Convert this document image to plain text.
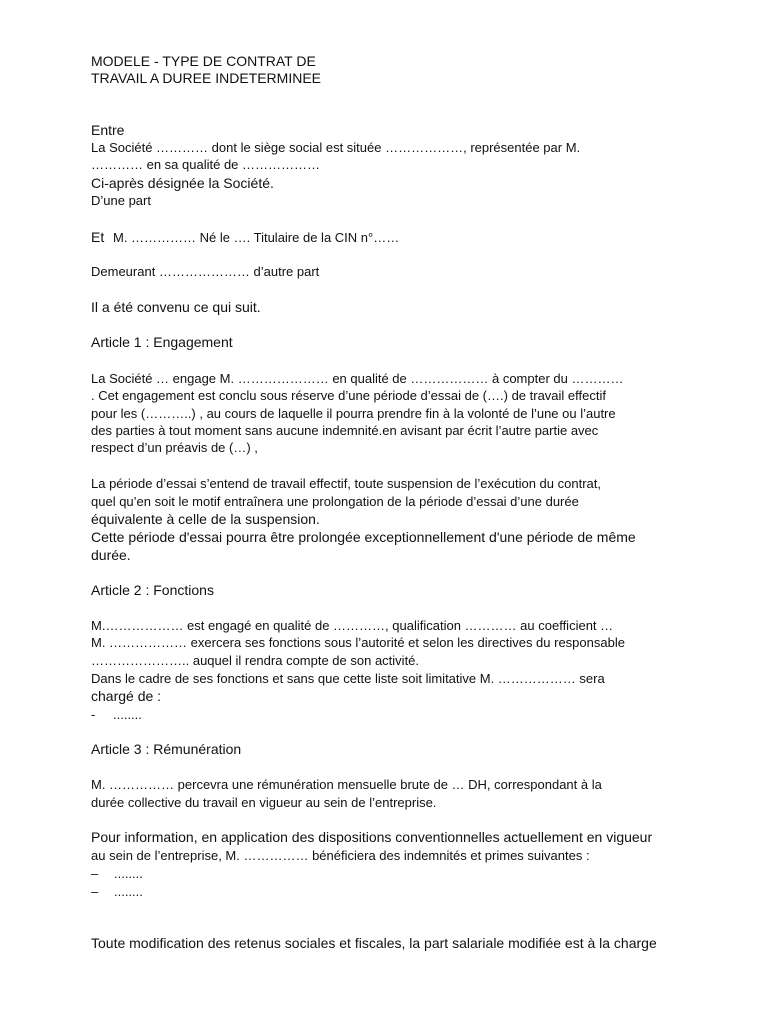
MODELE - TYPE DE CONTRAT DE
TRAVAIL A DUREE INDETERMINEE
Entre
La Société ………… dont le siège social est située ………………, représentée par M.
………… en sa qualité de ………………
Ci-après désignée la Société.
D’une part
Et M. …………… Né le …. Titulaire de la CIN n°……
Demeurant ………………… d’autre part
Il a été convenu ce qui suit.
Article 1 : Engagement
La Société … engage M. ………………… en qualité de ……………… à compter du …………
. Cet engagement est conclu sous réserve d’une période d’essai de (….) de travail effectif
pour les (………..) , au cours de laquelle il pourra prendre fin à la volonté de l’une ou l’autre
des parties à tout moment sans aucune indemnité.en avisant par écrit l’autre partie avec
respect d’un préavis de (…) ,
La période d’essai s’entend de travail effectif, toute suspension de l’exécution du contrat,
quel qu’en soit le motif entraînera une prolongation de la période d’essai d’une durée
équivalente à celle de la suspension.
Cette période d'essai pourra être prolongée exceptionnellement d'une période de même
durée.
Article 2 : Fonctions
M.……………… est engagé en qualité de …………, qualification ………… au coefficient …
M. ……………… exercera ses fonctions sous l’autorité et selon les directives du responsable
………………….. auquel il rendra compte de son activité.
Dans le cadre de ses fonctions et sans que cette liste soit limitative M. ……………… sera
chargé de :
- ........
Article 3 : Rémunération
M. …………… percevra une rémunération mensuelle brute de … DH, correspondant à la
durée collective du travail en vigueur au sein de l’entreprise.
Pour information, en application des dispositions conventionnelles actuellement en vigueur
au sein de l’entreprise, M. …………… bénéficiera des indemnités et primes suivantes :
– ........
– ........
Toute modification des retenus sociales et fiscales, la part salariale modifiée est à la charge
